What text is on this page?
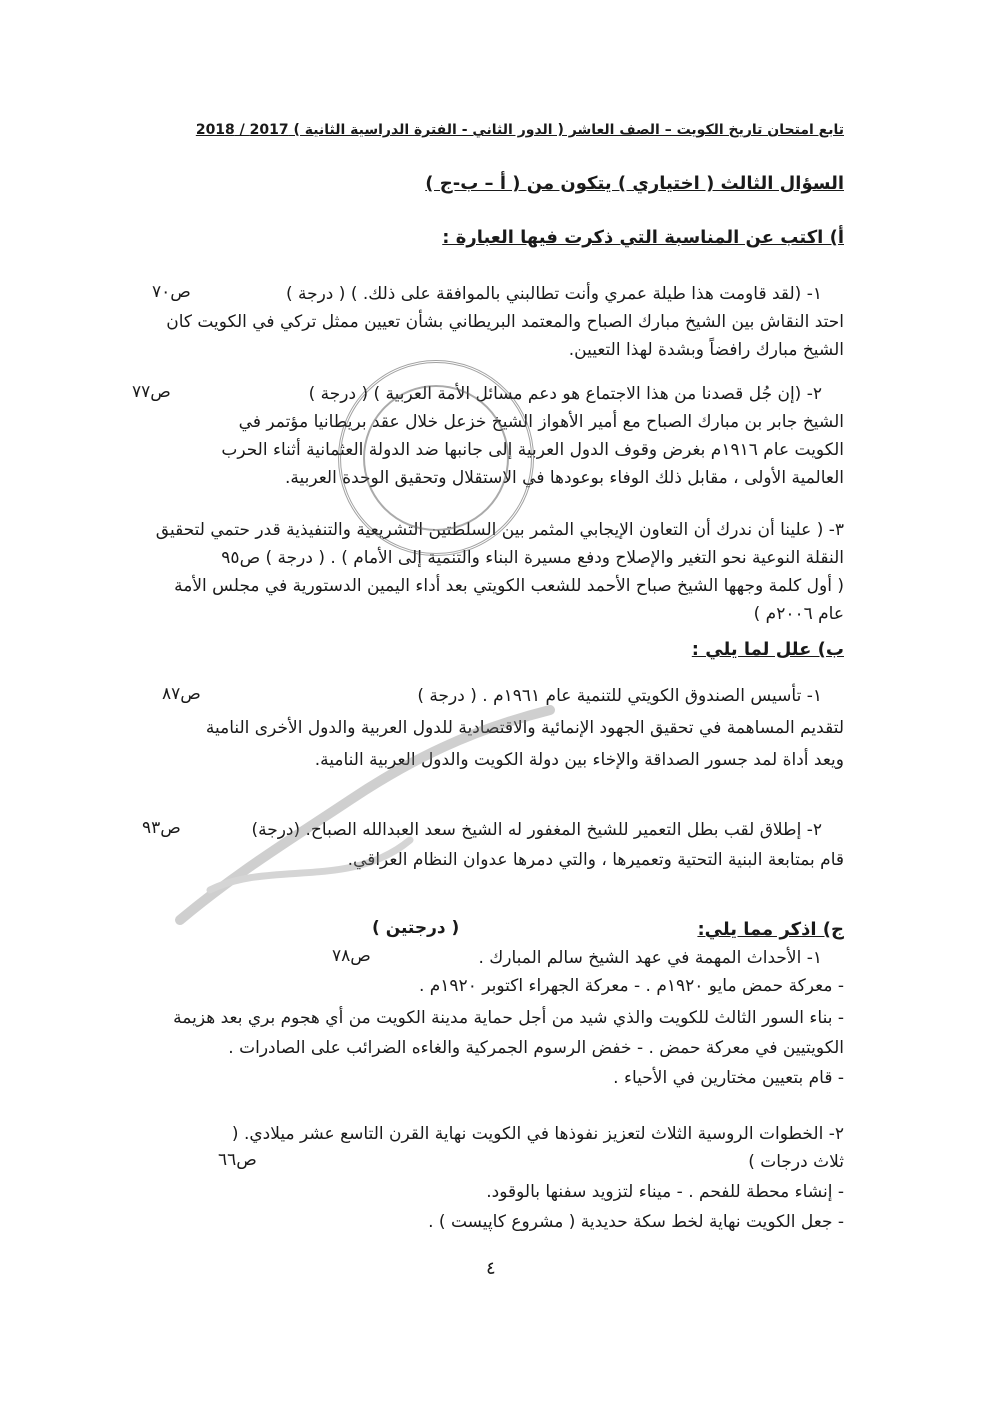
تابع امتحان تاريخ الكويت – الصف العاشر ( الدور الثاني - الفترة الدراسية الثانية ) 2017 / 2018
السؤال الثالث ( اختياري ) يتكون من ( أ – ب-ج )
أ) اكتب عن المناسبة التي ذكرت فيها العبارة :
١- (لقد قاومت هذا طيلة عمري وأنت تطالبني بالموافقة على ذلك. ) ( درجة )
ص٧٠
احتد النقاش بين الشيخ مبارك الصباح والمعتمد البريطاني بشأن تعيين ممثل تركي في الكويت كان
الشيخ مبارك رافضاً وبشدة لهذا التعيين.
٢- (إن جُل قصدنا من هذا الاجتماع هو دعم مسائل الأمة العربية ) ( درجة )
ص٧٧
الشيخ جابر بن مبارك الصباح مع أمير الأهواز الشيخ خزعل خلال عقد بريطانيا مؤتمر في
الكويت عام ١٩١٦م بغرض وقوف الدول العربية إلى جانبها ضد الدولة العثمانية أثناء الحرب
العالمية الأولى ، مقابل ذلك الوفاء بوعودها في الاستقلال وتحقيق الوحدة العربية.
٣- ( علينا أن ندرك أن التعاون الإيجابي المثمر بين السلطتين التشريعية والتنفيذية قدر حتمي لتحقيق
النقلة النوعية نحو التغير والإصلاح ودفع مسيرة البناء والتنمية إلى الأمام ) . ( درجة ) ص٩٥
( أول كلمة وجهها الشيخ صباح الأحمد للشعب الكويتي بعد أداء اليمين الدستورية في مجلس الأمة
عام ٢٠٠٦م )
ب) علل لما يلي :
١- تأسيس الصندوق الكويتي للتنمية عام ١٩٦١م . ( درجة )
ص٨٧
لتقديم المساهمة في تحقيق الجهود الإنمائية والاقتصادية للدول العربية والدول الأخرى النامية
ويعد أداة لمد جسور الصداقة والإخاء بين دولة الكويت والدول العربية النامية.
٢- إطلاق لقب بطل التعمير للشيخ المغفور له الشيخ سعد العبدالله الصباح. (درجة)
ص٩٣
قام بمتابعة البنية التحتية وتعميرها ، والتي دمرها عدوان النظام العراقي.
ج) اذكر مما يلي:
( درجتين )
١- الأحداث المهمة في عهد الشيخ سالم المبارك .
ص٧٨
- معركة حمض مايو ١٩٢٠م . - معركة الجهراء اكتوبر ١٩٢٠م .
- بناء السور الثالث للكويت والذي شيد من أجل حماية مدينة الكويت من أي هجوم بري بعد هزيمة
الكويتيين في معركة حمض . - خفض الرسوم الجمركية والغاءه الضرائب على الصادرات .
- قام بتعيين مختارين في الأحياء .
٢- الخطوات الروسية الثلاث لتعزيز نفوذها في الكويت نهاية القرن التاسع عشر ميلادي. (
ثلاث درجات )
ص٦٦
- إنشاء محطة للفحم . - ميناء لتزويد سفنها بالوقود.
- جعل الكويت نهاية لخط سكة حديدية ( مشروع كاپيست ) .
٤
